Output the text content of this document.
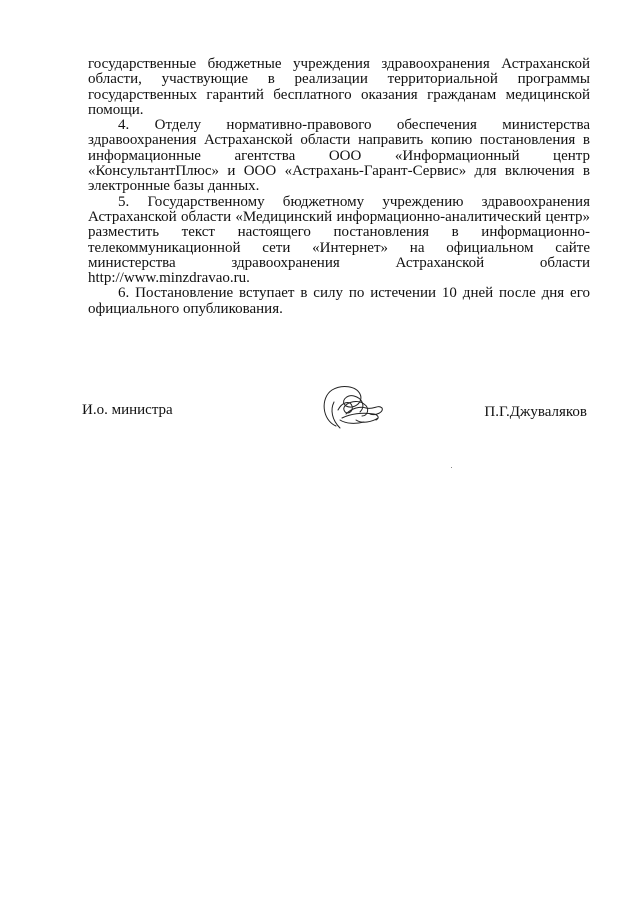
государственные бюджетные учреждения здравоохранения Астраханской области, участвующие в реализации территориальной программы государственных гарантий бесплатного оказания гражданам медицинской помощи.

4. Отделу нормативно-правового обеспечения министерства здравоохранения Астраханской области направить копию постановления в информационные агентства ООО «Информационный центр «КонсультантПлюс» и ООО «Астрахань-Гарант-Сервис» для включения в электронные базы данных.

5. Государственному бюджетному учреждению здравоохранения Астраханской области «Медицинский информационно-аналитический центр» разместить текст настоящего постановления в информационно-телекоммуникационной сети «Интернет» на официальном сайте министерства здравоохранения Астраханской области http://www.minzdravao.ru.

6. Постановление вступает в силу по истечении 10 дней после дня его официального опубликования.

И.о. министра	П.Г.Джуваляков
